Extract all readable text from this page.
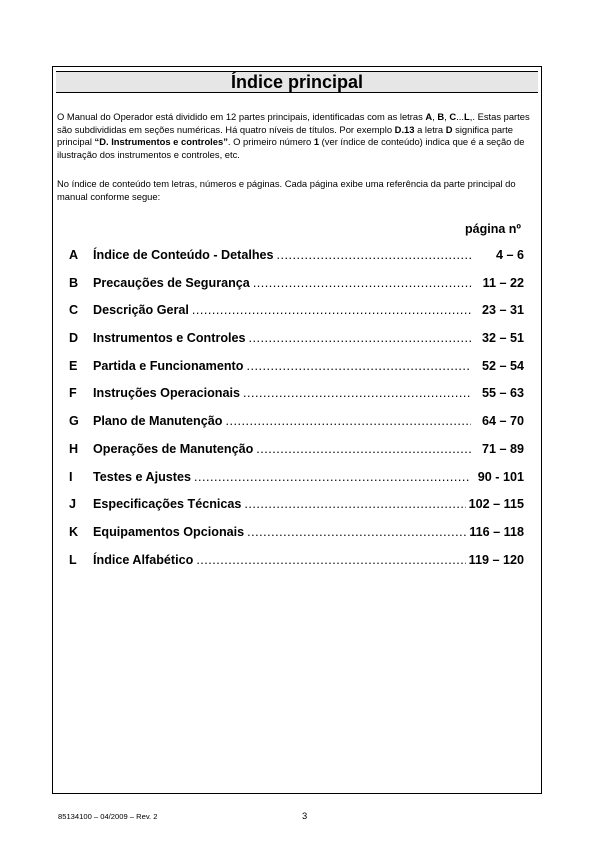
Índice principal

O Manual do Operador está dividido em 12 partes principais, identificadas com as letras A, B, C...L,. Estas partes são subdivididas em seções numéricas. Há quatro níveis de títulos. Por exemplo D.13 a letra D significa parte principal “D. Instrumentos e controles”. O primeiro número 1 (ver índice de conteúdo) indica que é a seção de ilustração dos instrumentos e controles, etc.

No índice de conteúdo tem letras, números e páginas. Cada página exibe uma referência da parte principal do manual conforme segue:

página nº
A	Índice de Conteúdo - Detalhes .....	4 – 6
B	Precauções de Segurança .....	11 – 22
C	Descrição Geral .....	23 – 31
D	Instrumentos e Controles .....	32 – 51
E	Partida e Funcionamento .....	52 – 54
F	Instruções Operacionais .....	55 – 63
G	Plano de Manutenção .....	64 – 70
H	Operações de Manutenção .....	71 – 89
I	Testes e Ajustes .....	90 - 101
J	Especificações Técnicas .....	102 – 115
K	Equipamentos Opcionais .....	116 – 118
L	Índice Alfabético .....	119 – 120
85134100 – 04/2009 – Rev. 2	3
